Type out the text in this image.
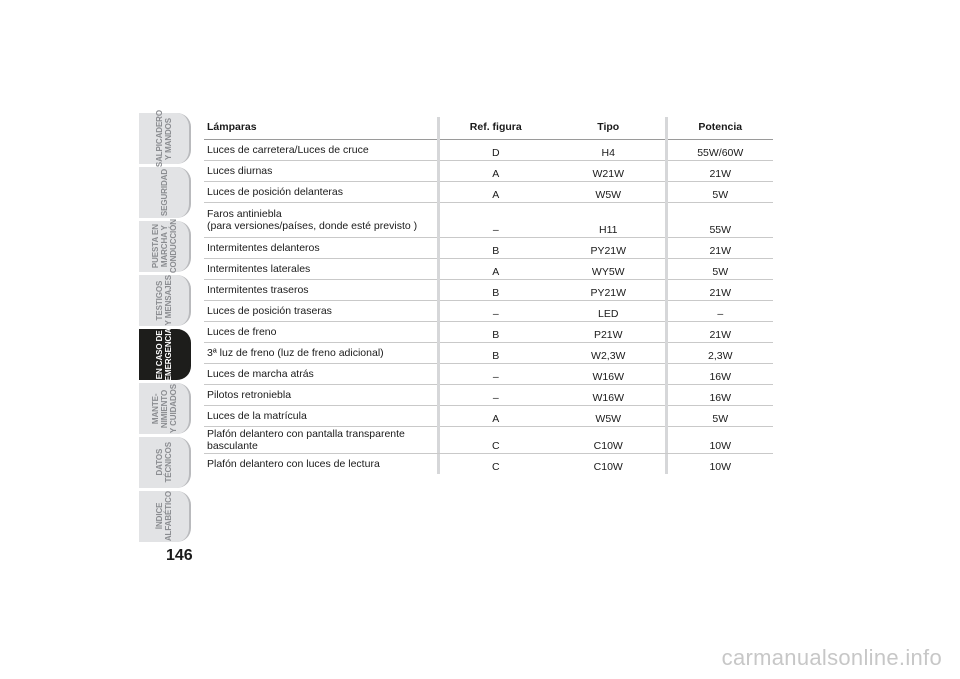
SALPICADERO
Y MANDOS
SEGURIDAD
PUESTA EN
MARCHA Y
CONDUCCIÓN
TESTIGOS
Y MENSAJES
EN CASO DE
EMERGENCIA
MANTE-
NIMIENTO
Y CUIDADOS
DATOS
TÉCNICOS
ÍNDICE
ALFABÉTICO
146
Lámparas	Ref. figura	Tipo	Potencia
Luces de carretera/Luces de cruce	D	H4	55W/60W
Luces diurnas	A	W21W	21W
Luces de posición delanteras	A	W5W	5W
Faros antiniebla
(para versiones/países, donde esté previsto )	–	H11	55W
Intermitentes delanteros	B	PY21W	21W
Intermitentes laterales	A	WY5W	5W
Intermitentes traseros	B	PY21W	21W
Luces de posición traseras	–	LED	–
Luces de freno	B	P21W	21W
3ª luz de freno (luz de freno adicional)	B	W2,3W	2,3W
Luces de marcha atrás	–	W16W	16W
Pilotos retroniebla	–	W16W	16W
Luces de la matrícula	A	W5W	5W
Plafón delantero con pantalla transparente basculante	C	C10W	10W
Plafón delantero con luces de lectura	C	C10W	10W
carmanualsonline.info
